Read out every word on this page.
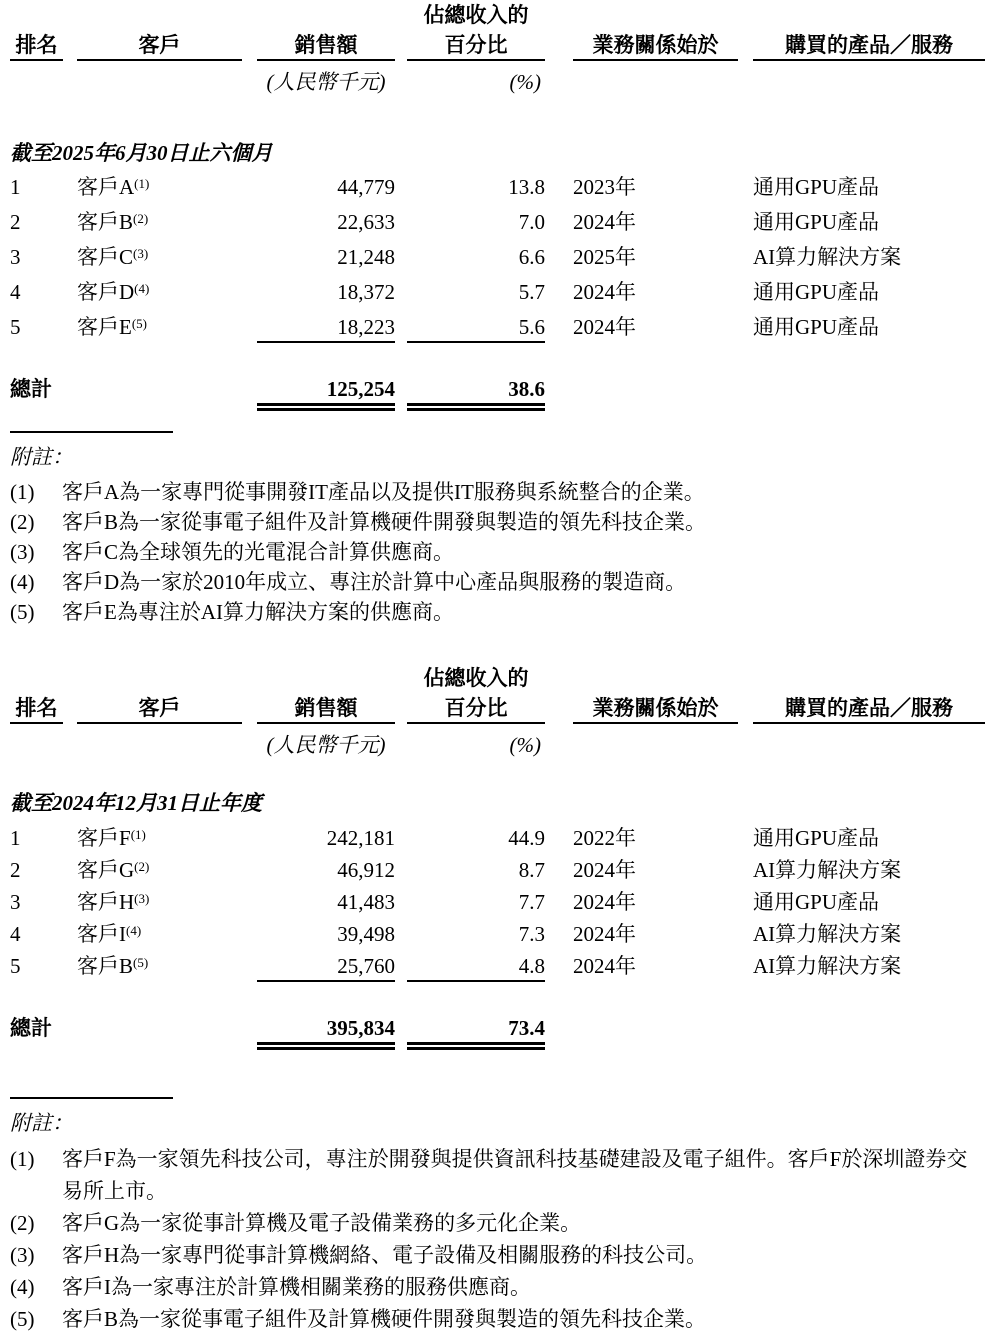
佔總收入的
排名	客戶	銷售額	百分比	業務關係始於	購買的產品／服務
(人民幣千元)	(%)
截至2025年6月30日止六個月
1	客戶$A^{(1)}$	44,779	13.8 2023年	通用GPU產品
2	客戶$B^{(2)}$	22,633	7.0 2024年	通用GPU產品
3	客戶$C^{(3)}$	21,248	6.6 2025年	AI算力解決方案
4	客戶$D^{(4)}$	18,372	5.7 2024年	通用GPU產品
5	客戶$E^{(5)}$	18,223	5.6 2024年	通用GPU產品
總計	125,254	38.6
附註：
(1)	客戶A為一家專門從事開發IT產品以及提供IT服務與系統整合的企業。
(2)	客戶B為一家從事電子組件及計算機硬件開發與製造的領先科技企業。
(3)	客戶C為全球領先的光電混合計算供應商。
(4)	客戶D為一家於2010年成立、專注於計算中心產品與服務的製造商。
(5)	客戶E為專注於AI算力解決方案的供應商。
佔總收入的
排名	客戶	銷售額	百分比	業務關係始於	購買的產品／服務
(人民幣千元)	(%)
截至2024年12月31日止年度
1	客戶$F^{(1)}$	242,181	44.9 2022年	通用GPU產品
2	客戶$G^{(2)}$	46,912	8.7 2024年	AI算力解決方案
3	客戶$H^{(3)}$	41,483	7.7 2024年	通用GPU產品
4	客戶$I^{(4)}$	39,498	7.3 2024年	AI算力解決方案
5	客戶$B^{(5)}$	25,760	4.8 2024年	AI算力解決方案
總計	395,834	73.4
附註：
(1)	客戶F為一家領先科技公司，專注於開發與提供資訊科技基礎建設及電子組件。客戶F於深圳證券交易所上市。
(2)	客戶G為一家從事計算機及電子設備業務的多元化企業。
(3)	客戶H為一家專門從事計算機網絡、電子設備及相關服務的科技公司。
(4)	客戶I為一家專注於計算機相關業務的服務供應商。
(5)	客戶B為一家從事電子組件及計算機硬件開發與製造的領先科技企業。
